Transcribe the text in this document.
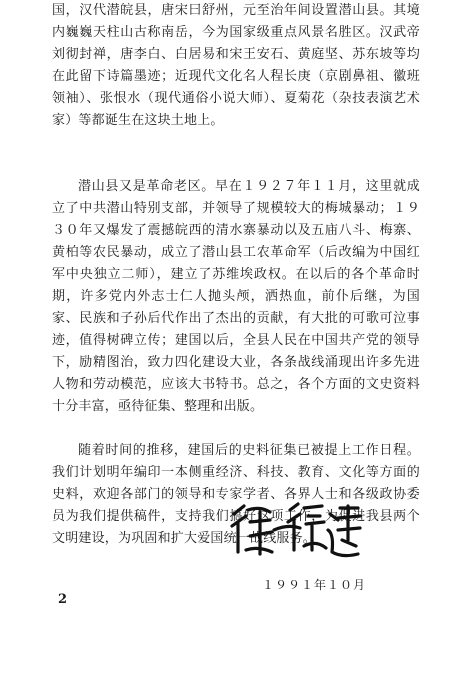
国，汉代潜皖县，唐宋曰舒州，元至治年间设置潜山县。其境内巍巍天柱山古称南岳，今为国家级重点风景名胜区。汉武帝刘彻封禅，唐李白、白居易和宋王安石、黄庭坚、苏东坡等均在此留下诗篇墨迹；近现代文化名人程长庚（京剧鼻祖、徽班领袖）、张恨水（现代通俗小说大师）、夏菊花（杂技表演艺术家）等都诞生在这块土地上。

潜山县又是革命老区。早在１９２７年１１月，这里就成立了中共潜山特别支部，并领导了规模较大的梅城暴动；１９３０年又爆发了震撼皖西的清水寨暴动以及五庙八斗、梅寨、黄柏等农民暴动，成立了潜山县工农革命军（后改编为中国红军中央独立二师），建立了苏维埃政权。在以后的各个革命时期，许多党内外志士仁人抛头颅，洒热血，前仆后继，为国家、民族和子孙后代作出了杰出的贡献，有大批的可歌可泣事迹，值得树碑立传；建国以后，全县人民在中国共产党的领导下，励精图治，致力四化建设大业，各条战线涌现出许多先进人物和劳动模范，应该大书特书。总之，各个方面的文史资料十分丰富，亟待征集、整理和出版。

随着时间的推移，建国后的史料征集已被提上工作日程。我们计划明年编印一本侧重经济、科技、教育、文化等方面的史料，欢迎各部门的领导和专家学者、各界人士和各级政协委员为我们提供稿件，支持我们搞好这项工作，为促进我县两个文明建设，为巩固和扩大爱国统一战线服务。

１９９１年１０月
2
